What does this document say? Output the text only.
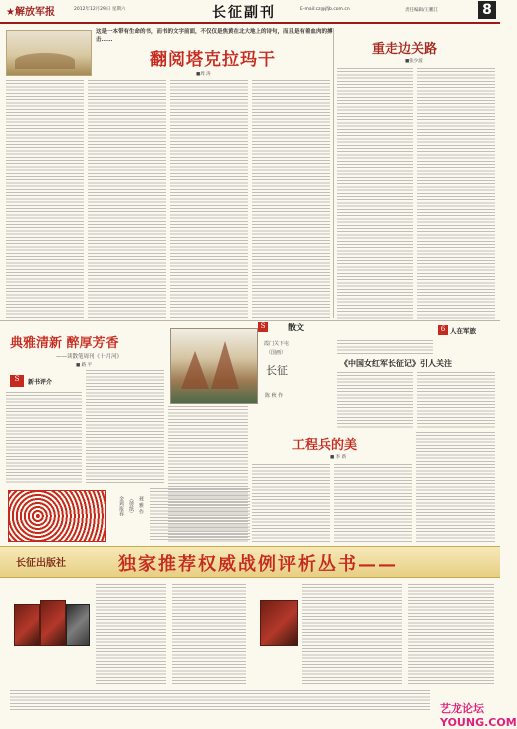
★解放军报	2012年12月29日 星期六	长征副刊	E-mail:cz@jfjb.com.cn	责任编辑/王鹏江	8
这是一本带有生命的书，而书的文字前面，不仅仅是焦黄在北大地上的诗句，而且是有着血肉的搏击……
翻阅塔克拉玛干
■周 涛
重走边关路
■张少波
S	散文	6 人在军旅
典雅清新 醉厚芳香
——读散笔周刊《十月河》
■ 路 平
S	新书评介
金鸡报春 （剪纸） 聂 雅 作
霞门关下屯
（国画）
陈 秋 作
长征
《中国女红军长征记》引人关注
工程兵的美
■ 李 新
长征出版社	独家推荐权威战例评析丛书——
艺龙论坛 YOUNG.COM
